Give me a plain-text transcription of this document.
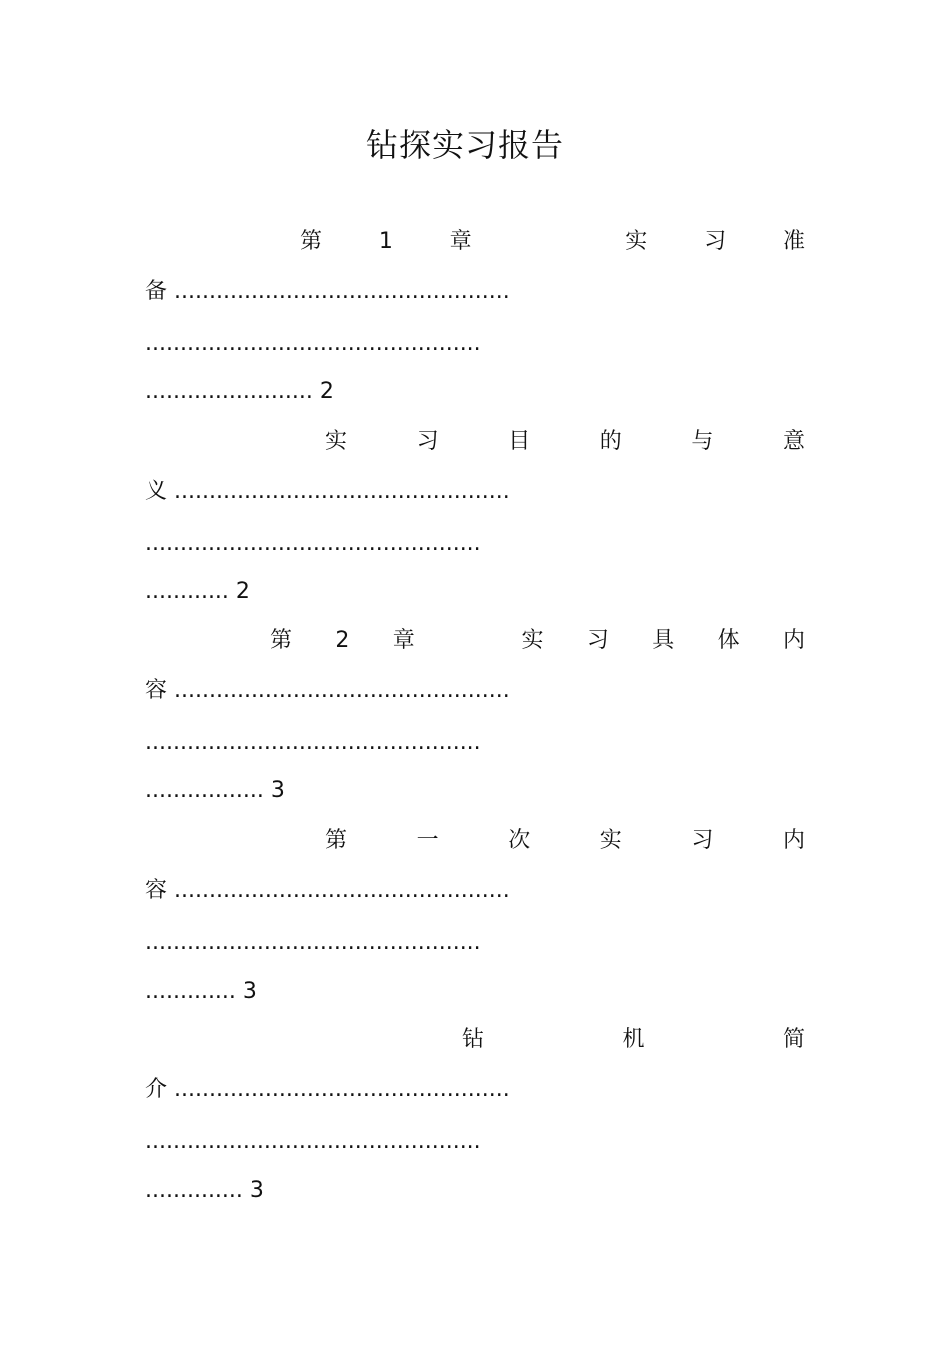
钻探实习报告
第	1	章	实	习	准
备 ................................................
................................................
........................ 2
实	习	目	的	与	意
义 ................................................
................................................
............ 2
第 2 章	实 习 具 体 内
容 ................................................
................................................
................. 3
第	一	次	实	习	内
容 ................................................
................................................
............. 3
钻	机	简
介 ................................................
................................................
.............. 3
